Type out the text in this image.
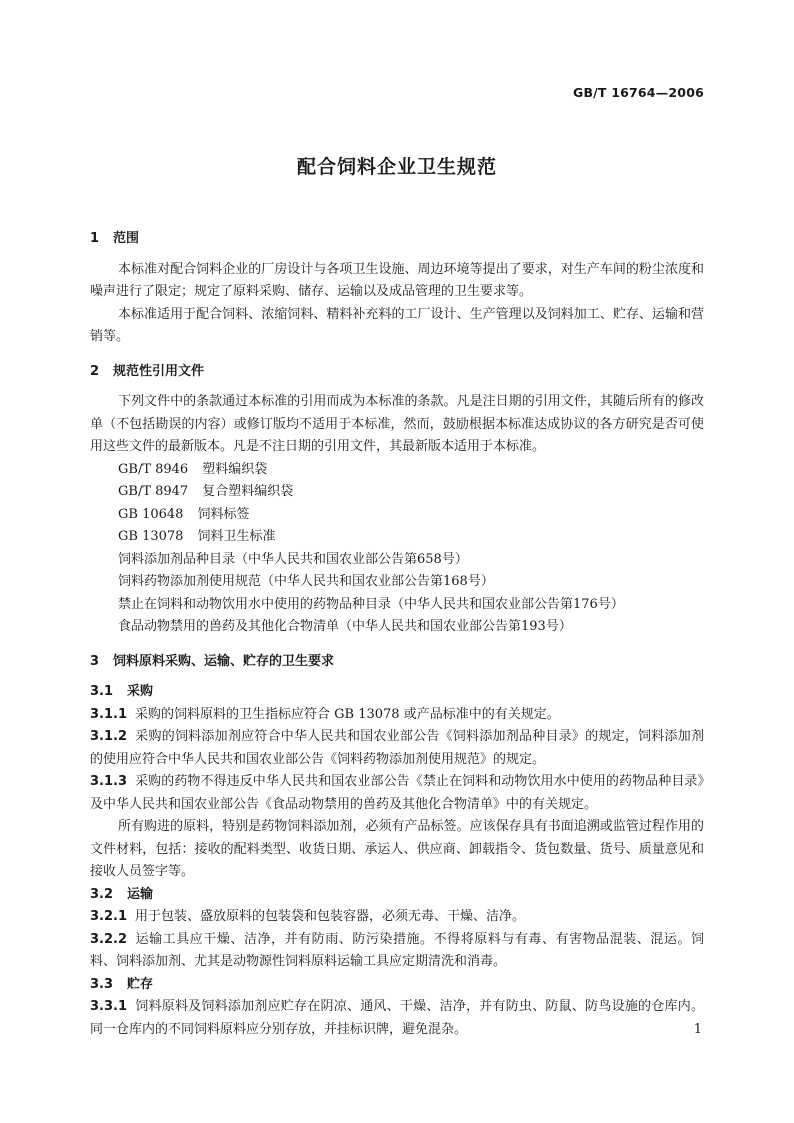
GB/T 16764—2006
配合饲料企业卫生规范
1 范围

本标准对配合饲料企业的厂房设计与各项卫生设施、周边环境等提出了要求，对生产车间的粉尘浓度和噪声进行了限定；规定了原料采购、储存、运输以及成品管理的卫生要求等。

本标准适用于配合饲料、浓缩饲料、精料补充料的工厂设计、生产管理以及饲料加工、贮存、运输和营销等。

2 规范性引用文件

下列文件中的条款通过本标准的引用而成为本标准的条款。凡是注日期的引用文件，其随后所有的修改单（不包括勘误的内容）或修订版均不适用于本标准，然而，鼓励根据本标准达成协议的各方研究是否可使用这些文件的最新版本。凡是不注日期的引用文件，其最新版本适用于本标准。

GB/T 8946 塑料编织袋

GB/T 8947 复合塑料编织袋

GB 10648 饲料标签

GB 13078 饲料卫生标准

饲料添加剂品种目录（中华人民共和国农业部公告第658号）

饲料药物添加剂使用规范（中华人民共和国农业部公告第168号）

禁止在饲料和动物饮用水中使用的药物品种目录（中华人民共和国农业部公告第176号）

食品动物禁用的兽药及其他化合物清单（中华人民共和国农业部公告第193号）

3 饲料原料采购、运输、贮存的卫生要求
3.1 采购

3.1.1 采购的饲料原料的卫生指标应符合 GB 13078 或产品标准中的有关规定。

3.1.2 采购的饲料添加剂应符合中华人民共和国农业部公告《饲料添加剂品种目录》的规定，饲料添加剂的使用应符合中华人民共和国农业部公告《饲料药物添加剂使用规范》的规定。

3.1.3 采购的药物不得违反中华人民共和国农业部公告《禁止在饲料和动物饮用水中使用的药物品种目录》及中华人民共和国农业部公告《食品动物禁用的兽药及其他化合物清单》中的有关规定。

所有购进的原料，特别是药物饲料添加剂，必须有产品标签。应该保存具有书面追溯或监管过程作用的文件材料，包括：接收的配料类型、收货日期、承运人、供应商、卸载指令、货包数量、货号、质量意见和接收人员签字等。

3.2 运输

3.2.1 用于包装、盛放原料的包装袋和包装容器，必须无毒、干燥、洁净。

3.2.2 运输工具应干燥、洁净，并有防雨、防污染措施。不得将原料与有毒、有害物品混装、混运。饲料、饲料添加剂、尤其是动物源性饲料原料运输工具应定期清洗和消毒。

3.3 贮存

3.3.1 饲料原料及饲料添加剂应贮存在阴凉、通风、干燥、洁净，并有防虫、防鼠、防鸟设施的仓库内。同一仓库内的不同饲料原料应分别存放，并挂标识牌，避免混杂。	1
